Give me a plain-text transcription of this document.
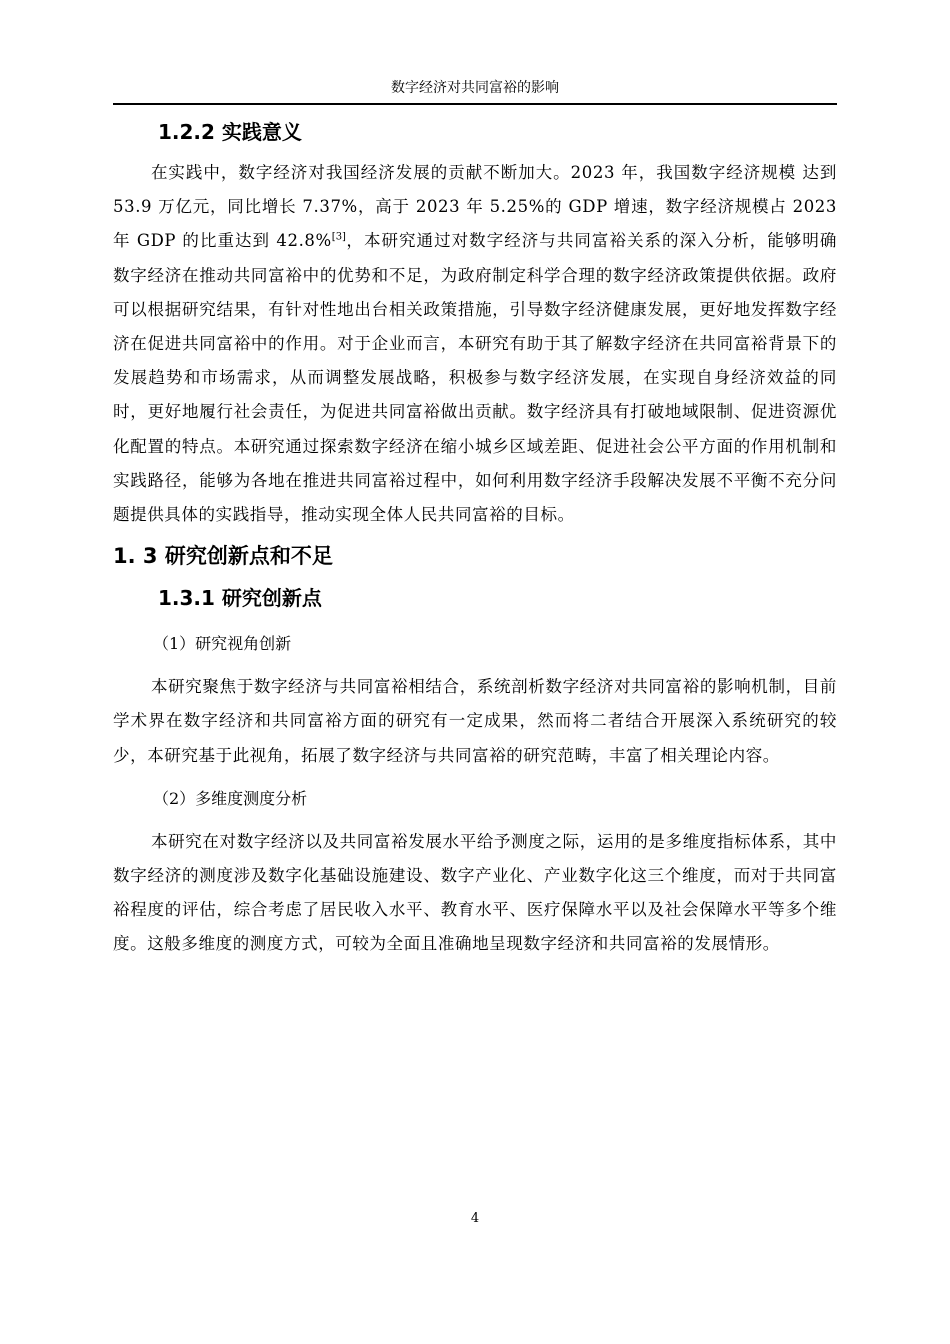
数字经济对共同富裕的影响
1.2.2 实践意义

在实践中，数字经济对我国经济发展的贡献不断加大。2023 年，我国数字经济规模 达到 53.9 万亿元，同比增长 7.37%，高于 2023 年 5.25%的 GDP 增速，数字经济规模占 2023 年 GDP 的比重达到 42.8%[3]，本研究通过对数字经济与共同富裕关系的深入分析，能够明确数字经济在推动共同富裕中的优势和不足，为政府制定科学合理的数字经济政策提供依据。政府可以根据研究结果，有针对性地出台相关政策措施，引导数字经济健康发展，更好地发挥数字经济在促进共同富裕中的作用。对于企业而言，本研究有助于其了解数字经济在共同富裕背景下的发展趋势和市场需求，从而调整发展战略，积极参与数字经济发展，在实现自身经济效益的同时，更好地履行社会责任，为促进共同富裕做出贡献。数字经济具有打破地域限制、促进资源优化配置的特点。本研究通过探索数字经济在缩小城乡区域差距、促进社会公平方面的作用机制和实践路径，能够为各地在推进共同富裕过程中，如何利用数字经济手段解决发展不平衡不充分问题提供具体的实践指导，推动实现全体人民共同富裕的目标。

1. 3 研究创新点和不足
1.3.1 研究创新点

（1）研究视角创新

本研究聚焦于数字经济与共同富裕相结合，系统剖析数字经济对共同富裕的影响机制，目前学术界在数字经济和共同富裕方面的研究有一定成果，然而将二者结合开展深入系统研究的较少，本研究基于此视角，拓展了数字经济与共同富裕的研究范畴，丰富了相关理论内容。

（2）多维度测度分析

本研究在对数字经济以及共同富裕发展水平给予测度之际，运用的是多维度指标体系，其中数字经济的测度涉及数字化基础设施建设、数字产业化、产业数字化这三个维度，而对于共同富裕程度的评估，综合考虑了居民收入水平、教育水平、医疗保障水平以及社会保障水平等多个维度。这般多维度的测度方式，可较为全面且准确地呈现数字经济和共同富裕的发展情形。

4
